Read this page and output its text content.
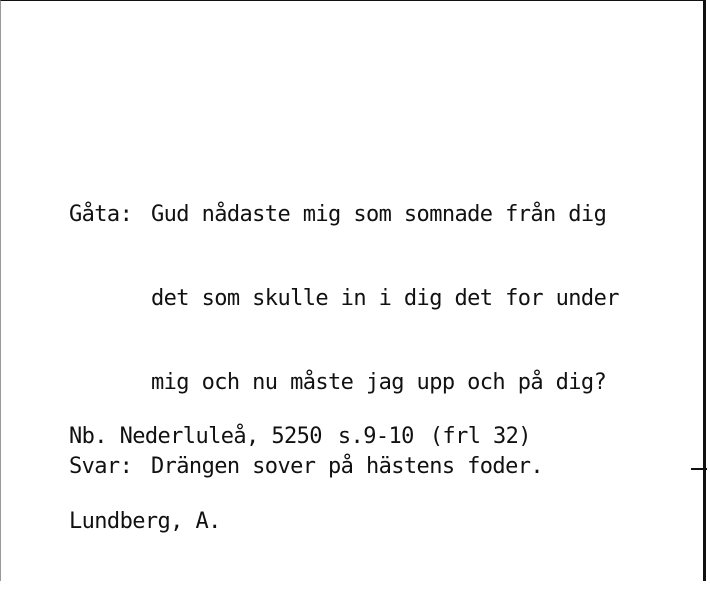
Gåta: Gud nådaste mig som somnade från dig

det som skulle in i dig det for under

mig och nu måste jag upp och på dig?

Svar: Drängen sover på hästens foder.

Nb. Nederluleå, 5250 s.9-10 (frl 32)

Lundberg, A.
